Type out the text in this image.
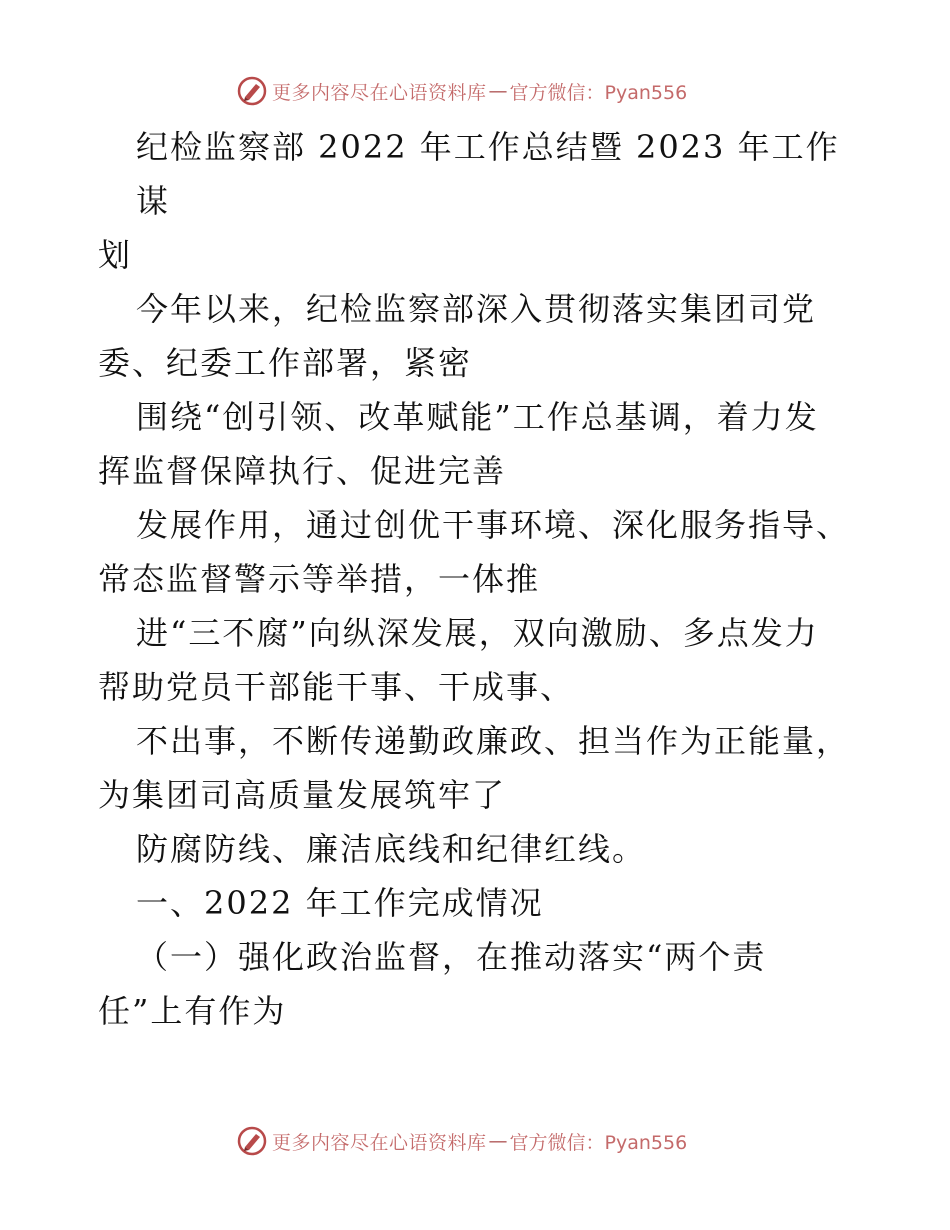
更多内容尽在心语资料库 — 官方微信：Pyan556

纪检监察部 2022 年工作总结暨 2023 年工作谋
划

今年以来，纪检监察部深入贯彻落实集团司党
委、纪委工作部署，紧密

围绕“创引领、改革赋能”工作总基调，着力发
挥监督保障执行、促进完善

发展作用，通过创优干事环境、深化服务指导、
常态监督警示等举措，一体推

进“三不腐”向纵深发展，双向激励、多点发力
帮助党员干部能干事、干成事、

不出事，不断传递勤政廉政、担当作为正能量，
为集团司高质量发展筑牢了

防腐防线、廉洁底线和纪律红线。

一、2022 年工作完成情况

（一）强化政治监督，在推动落实“两个责
任”上有作为

更多内容尽在心语资料库 — 官方微信：Pyan556
